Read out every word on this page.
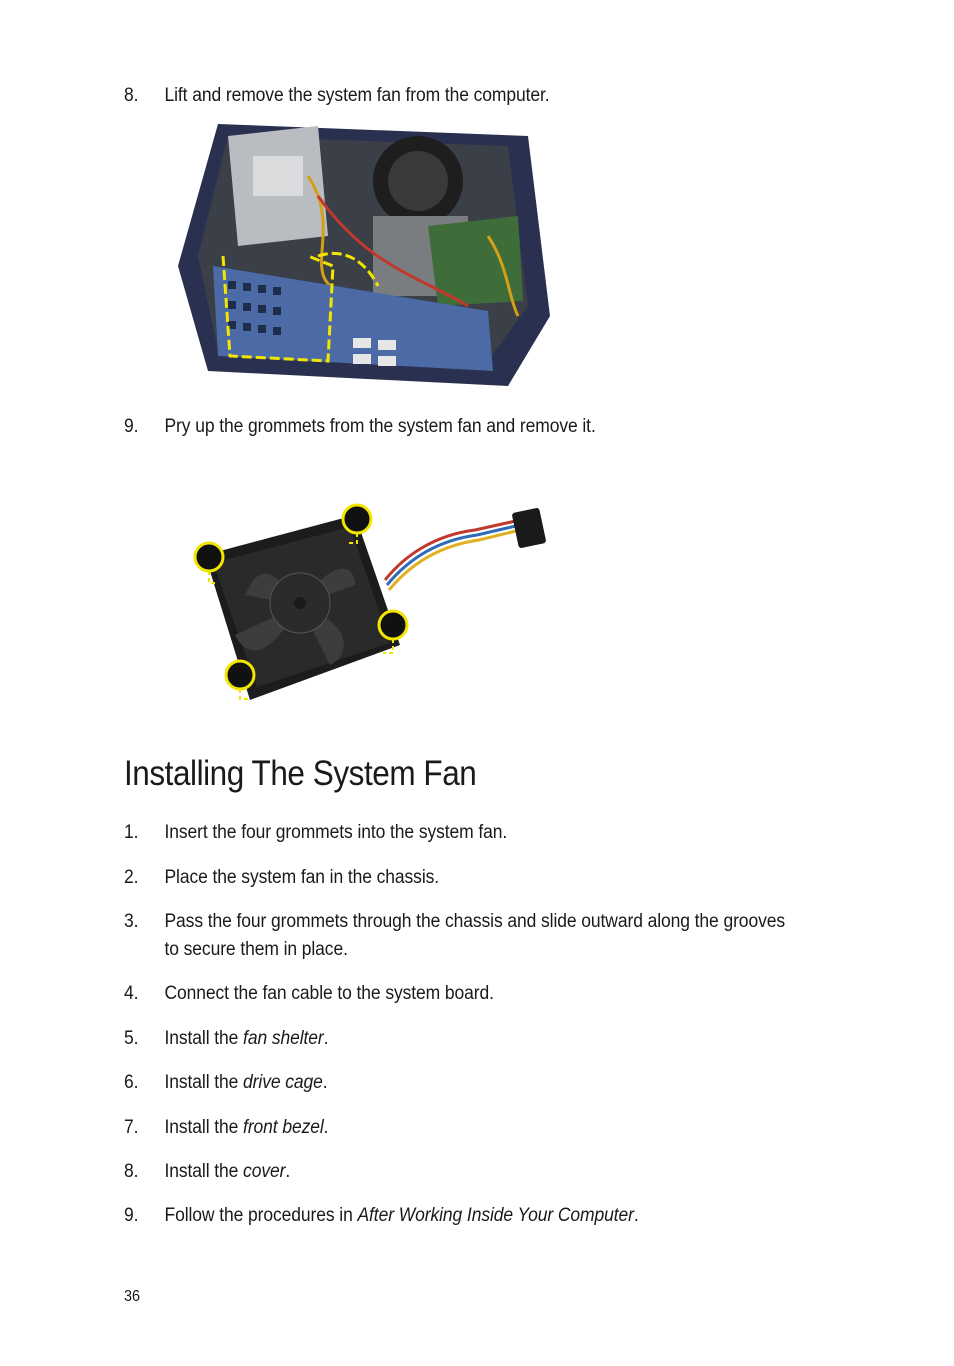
8. Lift and remove the system fan from the computer.
9. Pry up the grommets from the system fan and remove it.
Installing The System Fan
1. Insert the four grommets into the system fan.
2. Place the system fan in the chassis.
3. Pass the four grommets through the chassis and slide outward along the grooves to secure them in place.
4. Connect the fan cable to the system board.
5. Install the fan shelter.
6. Install the drive cage.
7. Install the front bezel.
8. Install the cover.
9. Follow the procedures in After Working Inside Your Computer.
36
